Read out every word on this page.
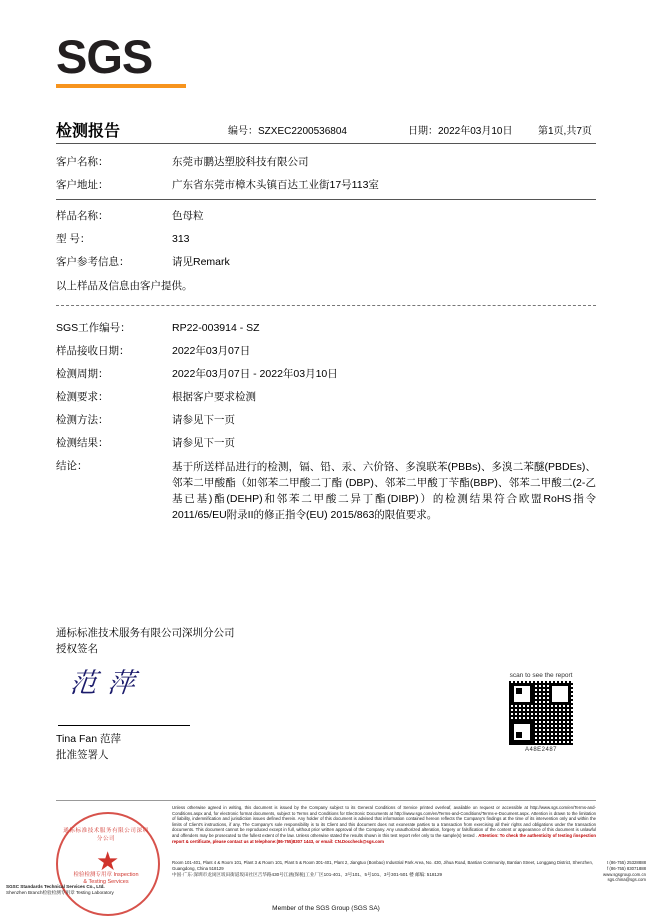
SGS
检测报告	编号：SZXEC2200536804	日期：2022年03月10日	第1页,共7页
客户名称：	东莞市鹏达塑胶科技有限公司
客户地址：	广东省东莞市樟木头镇百达工业街17号113室
样品名称：	色母粒
型 号：	313
客户参考信息：	请见Remark
以上样品及信息由客户提供。
SGS工作编号：	RP22-003914 - SZ
样品接收日期：	2022年03月07日
检测周期：	2022年03月07日 - 2022年03月10日
检测要求：	根据客户要求检测
检测方法：	请参见下一页
检测结果：	请参见下一页
结论：	基于所送样品进行的检测，镉、铅、汞、六价铬、多溴联苯(PBBs)、多溴二苯醚(PBDEs)、邻苯二甲酸酯（如邻苯二甲酸二丁酯 (DBP)、邻苯二甲酸丁苄酯(BBP)、邻苯二甲酸二(2-乙基已基)酯(DEHP)和邻苯二甲酸二异丁酯(DIBP)）的检测结果符合欧盟RoHS指令2011/65/EU附录II的修正指令(EU) 2015/863的限值要求。
通标标准技术服务有限公司深圳分公司
授权签名
范 萍
Tina Fan 范萍
批准签署人
scan to see the report
A48E2487
Unless otherwise agreed in writing, this document is issued by the Company subject to its General Conditions of Service printed overleaf, available on request or accessible at http://www.sgs.com/en/Terms-and-Conditions.aspx and, for electronic format documents, subject to Terms and Conditions for Electronic Documents at http://www.sgs.com/en/Terms-and-Conditions/Terms-e-Document.aspx. Attention is drawn to the limitation of liability, indemnification and jurisdiction issues defined therein. Any holder of this document is advised that information contained hereon reflects the Company's findings at the time of its intervention only and within the limits of Client's instructions, if any. The Company's sole responsibility is to its Client and this document does not exonerate parties to a transaction from exercising all their rights and obligations under the transaction documents. This document cannot be reproduced except in full, without prior written approval of the Company. Any unauthorized alteration, forgery or falsification of the content or appearance of this document is unlawful and offenders may be prosecuted to the fullest extent of the law. Unless otherwise stated the results shown in this test report refer only to the sample(s) tested . Attention: To check the authenticity of testing /inspection report & certificate, please contact us at telephone:(86-755)8307 1443, or email: CN.Doccheck@sgs.com
Room 101-401, Plant 4 & Room 101, Plant 3 & Room 101, Plant 5 & Room 301-401, Plant 2, Jiangtuo (Bonbao) Industrial Park Area, No. 430, Jihua Road, Bantian Community, Bantian Street, Longgang District, Shenzhen, Guangdong, China 518129
中国·广东·深圳市龙岗区坂田街道坂田社区吉华路430号江涵(保税)工业厂区101-401、3号101、5号101、3号301-501 楼 邮编: 518129
t (86-755) 25328888
f (86-755) 83071888
www.sgsgroup.com.cn
sgs.china@sgs.com
通标标准技术服务有限公司深圳分公司
★
检验检测专用章 Inspection & Testing Services
SGSC Standards Technical Services Co., Ltd.
Shenzhen Branch检验检测专用章 Testing Laboratory
Member of the SGS Group (SGS SA)
